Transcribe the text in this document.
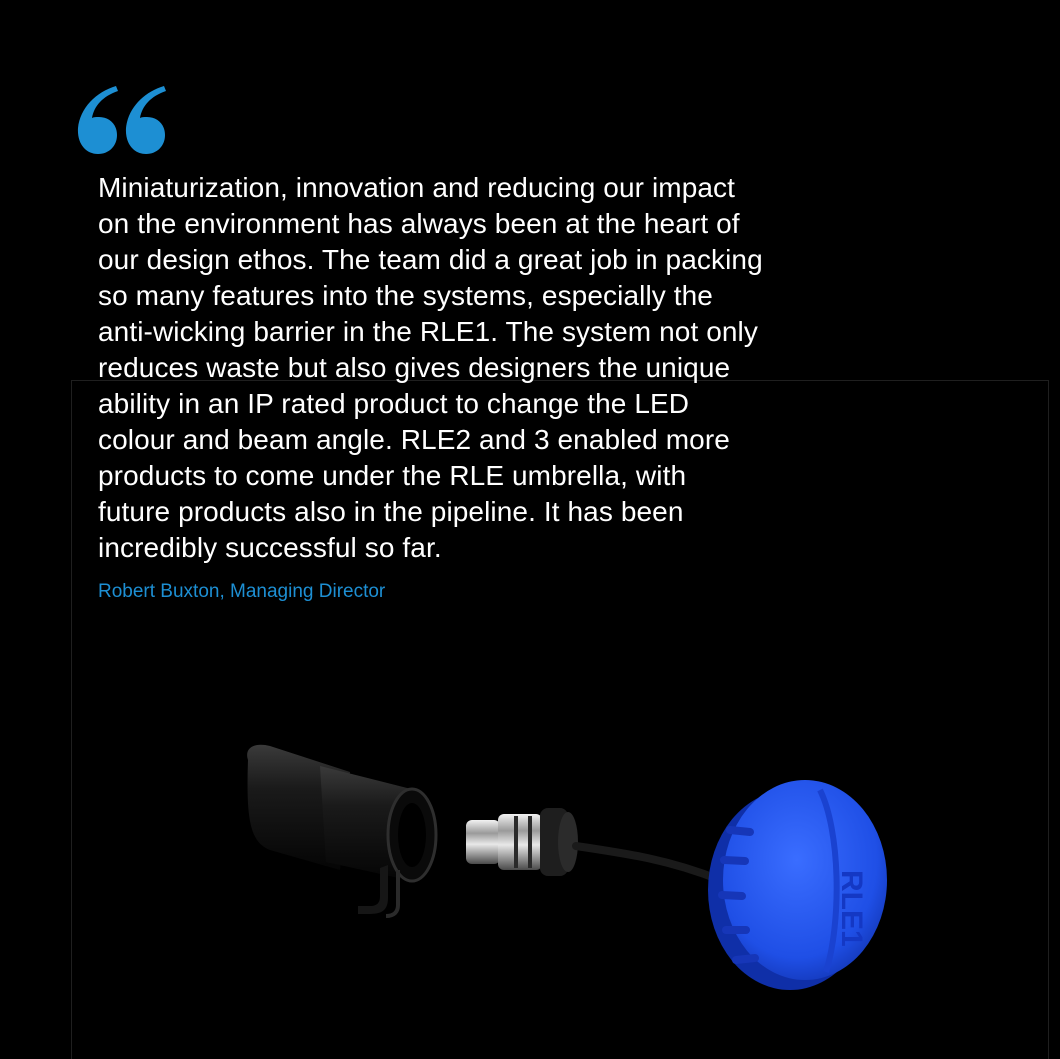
Miniaturization, innovation and reducing our impact
on the environment has always been at the heart of
our design ethos. The team did a great job in packing
so many features into the systems, especially the
anti-wicking barrier in the RLE1. The system not only
reduces waste but also gives designers the unique
ability in an IP rated product to change the LED
colour and beam angle. RLE2 and 3 enabled more
products to come under the RLE umbrella, with
future products also in the pipeline. It has been
incredibly successful so far.

Robert Buxton, Managing Director

RLE1
